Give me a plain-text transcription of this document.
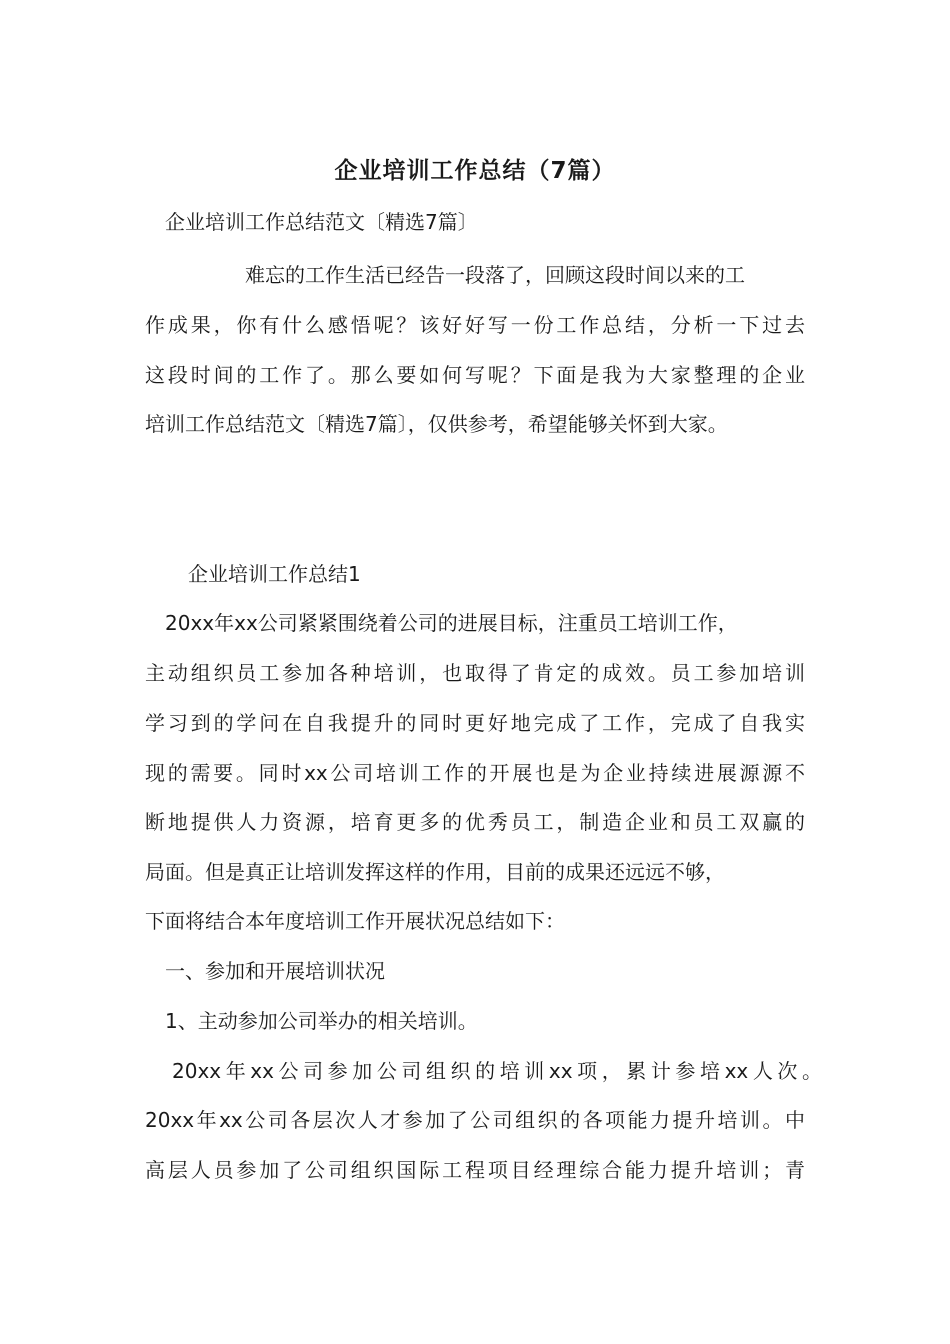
企业培训工作总结（7篇）
企业培训工作总结范文〔精选7篇〕
难忘的工作生活已经告一段落了，回顾这段时间以来的工
作成果，你有什么感悟呢？该好好写一份工作总结，分析一下过去
这段时间的工作了。那么要如何写呢？下面是我为大家整理的企业
培训工作总结范文〔精选7篇〕，仅供参考，希望能够关怀到大家。
企业培训工作总结1
20xx年xx公司紧紧围绕着公司的进展目标，注重员工培训工作，
主动组织员工参加各种培训，也取得了肯定的成效。员工参加培训
学习到的学问在自我提升的同时更好地完成了工作，完成了自我实
现的需要。同时xx公司培训工作的开展也是为企业持续进展源源不
断地提供人力资源，培育更多的优秀员工，制造企业和员工双赢的
局面。但是真正让培训发挥这样的作用，目前的成果还远远不够，
下面将结合本年度培训工作开展状况总结如下：
一、参加和开展培训状况
1、主动参加公司举办的相关培训。
20xx年xx公司参加公司组织的培训xx项，累计参培xx人次。
20xx年xx公司各层次人才参加了公司组织的各项能力提升培训。中
高层人员参加了公司组织国际工程项目经理综合能力提升培训；青
